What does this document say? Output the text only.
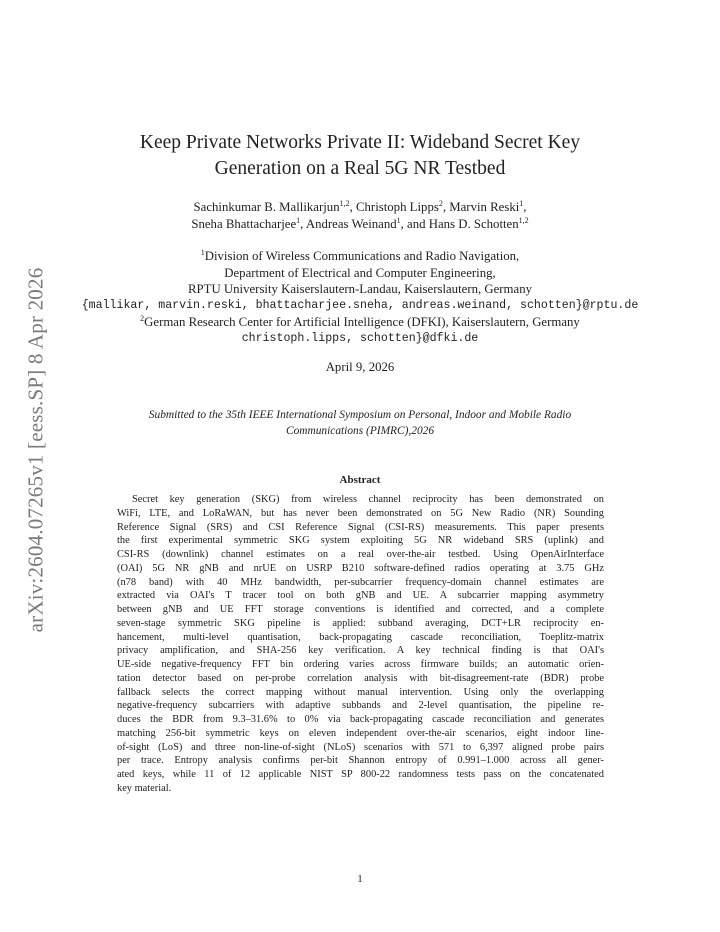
arXiv:2604.07265v1 [eess.SP] 8 Apr 2026
Keep Private Networks Private II: Wideband Secret Key
Generation on a Real 5G NR Testbed
Sachinkumar B. Mallikarjun$^{1,2}$, Christoph Lipps$^2$, Marvin Reski$^1$,
Sneha Bhattacharjee$^1$, Andreas Weinand$^1$, and Hans D. Schotten$^{1,2}$
$^1$Division of Wireless Communications and Radio Navigation,
Department of Electrical and Computer Engineering,
RPTU University Kaiserslautern-Landau, Kaiserslautern, Germany
{mallikar, marvin.reski, bhattacharjee.sneha, andreas.weinand, schotten}@rptu.de
$^2$German Research Center for Artificial Intelligence (DFKI), Kaiserslautern, Germany
christoph.lipps, schotten}@dfki.de
April 9, 2026
Submitted to the 35th IEEE International Symposium on Personal, Indoor and Mobile Radio
Communications (PIMRC),2026
Abstract
Secret key generation (SKG) from wireless channel reciprocity has been demonstrated on
WiFi, LTE, and LoRaWAN, but has never been demonstrated on 5G New Radio (NR) Sounding
Reference Signal (SRS) and CSI Reference Signal (CSI-RS) measurements. This paper presents
the first experimental symmetric SKG system exploiting 5G NR wideband SRS (uplink) and
CSI-RS (downlink) channel estimates on a real over-the-air testbed. Using OpenAirInterface
(OAI) 5G NR gNB and nrUE on USRP B210 software-defined radios operating at 3.75 GHz
(n78 band) with 40 MHz bandwidth, per-subcarrier frequency-domain channel estimates are
extracted via OAI's T tracer tool on both gNB and UE. A subcarrier mapping asymmetry
between gNB and UE FFT storage conventions is identified and corrected, and a complete
seven-stage symmetric SKG pipeline is applied: subband averaging, DCT+LR reciprocity en-
hancement, multi-level quantisation, back-propagating cascade reconciliation, Toeplitz-matrix
privacy amplification, and SHA-256 key verification. A key technical finding is that OAI's
UE-side negative-frequency FFT bin ordering varies across firmware builds; an automatic orien-
tation detector based on per-probe correlation analysis with bit-disagreement-rate (BDR) probe
fallback selects the correct mapping without manual intervention. Using only the overlapping
negative-frequency subcarriers with adaptive subbands and 2-level quantisation, the pipeline re-
duces the BDR from 9.3–31.6% to 0% via back-propagating cascade reconciliation and generates
matching 256-bit symmetric keys on eleven independent over-the-air scenarios, eight indoor line-
of-sight (LoS) and three non-line-of-sight (NLoS) scenarios with 571 to 6,397 aligned probe pairs
per trace. Entropy analysis confirms per-bit Shannon entropy of 0.991–1.000 across all gener-
ated keys, while 11 of 12 applicable NIST SP 800-22 randomness tests pass on the concatenated
key material.
1
